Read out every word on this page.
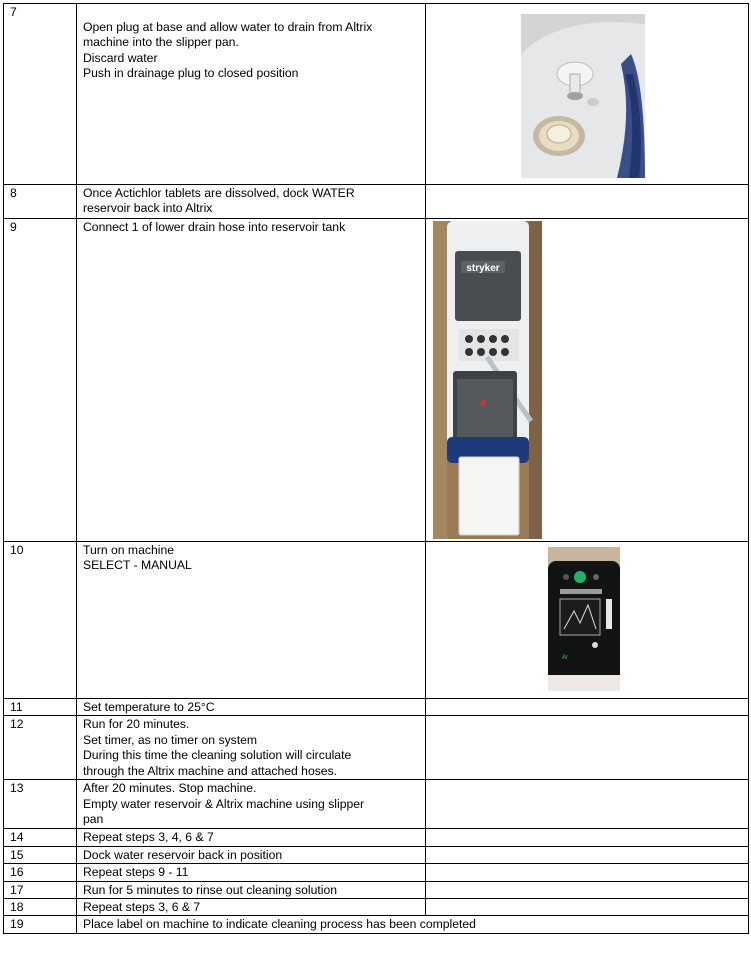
7	Open plug at base and allow water to drain from Altrix
machine into the slipper pan.
Discard water
Push in drainage plug to closed position

8	Once Actichlor tablets are dissolved, dock WATER
reservoir back into Altrix	

9	Connect 1 of lower drain hose into reservoir tank	stryker

10	Turn on machine
SELECT - MANUAL	Ar

11	Set temperature to 25°C	

12	Run for 20 minutes.
Set timer, as no timer on system
During this time the cleaning solution will circulate
through the Altrix machine and attached hoses.	

13	After 20 minutes. Stop machine.
Empty water reservoir & Altrix machine using slipper
pan	

14	Repeat steps 3, 4, 6 & 7	

15	Dock water reservoir back in position	

16	Repeat steps 9 - 11	

17	Run for 5 minutes to rinse out cleaning solution	

18	Repeat steps 3, 6 & 7	

19	Place label on machine to indicate cleaning process has been completed	
